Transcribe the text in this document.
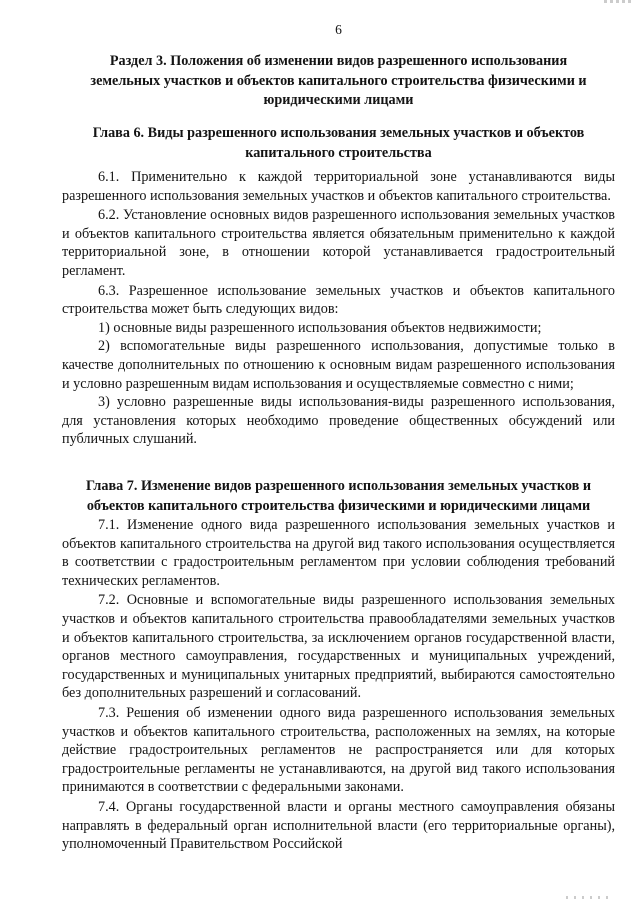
6

Раздел 3. Положения об изменении видов разрешенного использования

земельных участков и объектов капитального строительства физическими и

юридическими лицами

Глава 6. Виды разрешенного использования земельных участков и объектов

капитального строительства

6.1. Применительно к каждой территориальной зоне устанавливаются виды разрешенного использования земельных участков и объектов капитального строительства.

6.2. Установление основных видов разрешенного использования земельных участков и объектов капитального строительства является обязательным применительно к каждой территориальной зоне, в отношении которой устанавливается градостроительный регламент.

6.3. Разрешенное использование земельных участков и объектов капитального строительства может быть следующих видов:

1) основные виды разрешенного использования объектов недвижимости;

2) вспомогательные виды разрешенного использования, допустимые только в качестве дополнительных по отношению к основным видам разрешенного использования и условно разрешенным видам использования и осуществляемые совместно с ними;

3) условно разрешенные виды использования-виды разрешенного использования, для установления которых необходимо проведение общественных обсуждений или публичных слушаний.

Глава 7. Изменение видов разрешенного использования земельных участков и

объектов капитального строительства физическими и юридическими лицами

7.1. Изменение одного вида разрешенного использования земельных участков и объектов капитального строительства на другой вид такого использования осуществляется в соответствии с градостроительным регламентом при условии соблюдения требований технических регламентов.

7.2. Основные и вспомогательные виды разрешенного использования земельных участков и объектов капитального строительства правообладателями земельных участков и объектов капитального строительства, за исключением органов государственной власти, органов местного самоуправления, государственных и муниципальных учреждений, государственных и муниципальных унитарных предприятий, выбираются самостоятельно без дополнительных разрешений и согласований.

7.3. Решения об изменении одного вида разрешенного использования земельных участков и объектов капитального строительства, расположенных на землях, на которые действие градостроительных регламентов не распространяется или для которых градостроительные регламенты не устанавливаются, на другой вид такого использования принимаются в соответствии с федеральными законами.

7.4. Органы государственной власти и органы местного самоуправления обязаны направлять в федеральный орган исполнительной власти (его территориальные органы), уполномоченный Правительством Российской
